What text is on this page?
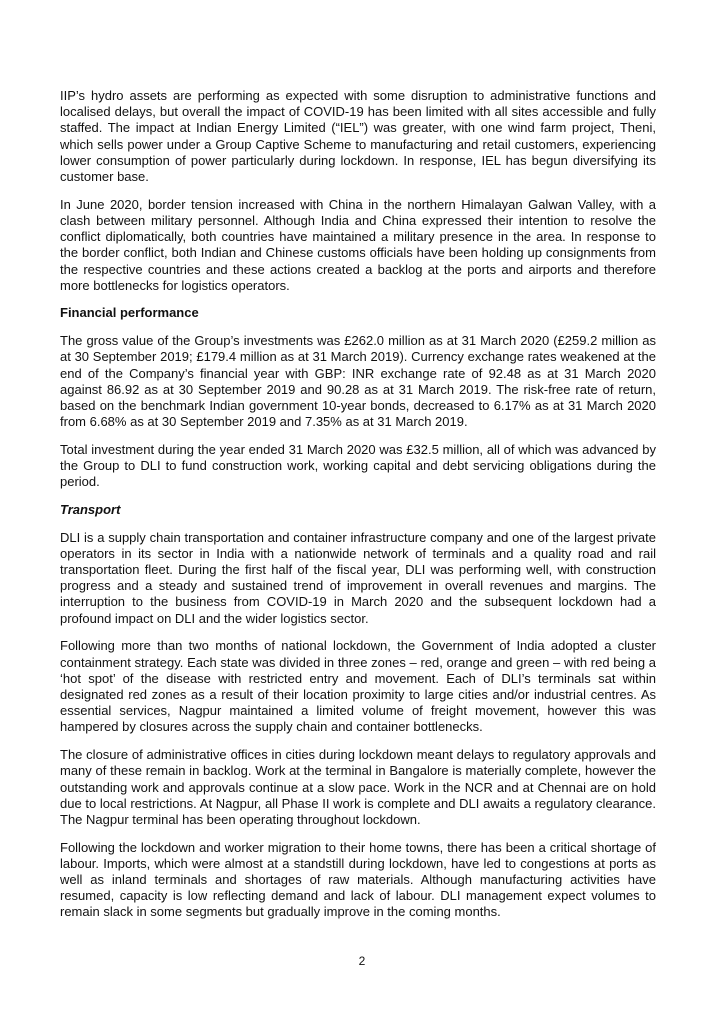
IIP’s hydro assets are performing as expected with some disruption to administrative functions and localised delays, but overall the impact of COVID-19 has been limited with all sites accessible and fully staffed. The impact at Indian Energy Limited (“IEL”) was greater, with one wind farm project, Theni, which sells power under a Group Captive Scheme to manufacturing and retail customers, experiencing lower consumption of power particularly during lockdown. In response, IEL has begun diversifying its customer base.

In June 2020, border tension increased with China in the northern Himalayan Galwan Valley, with a clash between military personnel. Although India and China expressed their intention to resolve the conflict diplomatically, both countries have maintained a military presence in the area. In response to the border conflict, both Indian and Chinese customs officials have been holding up consignments from the respective countries and these actions created a backlog at the ports and airports and therefore more bottlenecks for logistics operators.

Financial performance

The gross value of the Group’s investments was £262.0 million as at 31 March 2020 (£259.2 million as at 30 September 2019; £179.4 million as at 31 March 2019). Currency exchange rates weakened at the end of the Company’s financial year with GBP: INR exchange rate of 92.48 as at 31 March 2020 against 86.92 as at 30 September 2019 and 90.28 as at 31 March 2019. The risk-free rate of return, based on the benchmark Indian government 10-year bonds, decreased to 6.17% as at 31 March 2020 from 6.68% as at 30 September 2019 and 7.35% as at 31 March 2019.

Total investment during the year ended 31 March 2020 was £32.5 million, all of which was advanced by the Group to DLI to fund construction work, working capital and debt servicing obligations during the period.

Transport

DLI is a supply chain transportation and container infrastructure company and one of the largest private operators in its sector in India with a nationwide network of terminals and a quality road and rail transportation fleet. During the first half of the fiscal year, DLI was performing well, with construction progress and a steady and sustained trend of improvement in overall revenues and margins. The interruption to the business from COVID-19 in March 2020 and the subsequent lockdown had a profound impact on DLI and the wider logistics sector.

Following more than two months of national lockdown, the Government of India adopted a cluster containment strategy. Each state was divided in three zones – red, orange and green – with red being a ‘hot spot’ of the disease with restricted entry and movement. Each of DLI’s terminals sat within designated red zones as a result of their location proximity to large cities and/or industrial centres. As essential services, Nagpur maintained a limited volume of freight movement, however this was hampered by closures across the supply chain and container bottlenecks.

The closure of administrative offices in cities during lockdown meant delays to regulatory approvals and many of these remain in backlog. Work at the terminal in Bangalore is materially complete, however the outstanding work and approvals continue at a slow pace. Work in the NCR and at Chennai are on hold due to local restrictions. At Nagpur, all Phase II work is complete and DLI awaits a regulatory clearance. The Nagpur terminal has been operating throughout lockdown.

Following the lockdown and worker migration to their home towns, there has been a critical shortage of labour. Imports, which were almost at a standstill during lockdown, have led to congestions at ports as well as inland terminals and shortages of raw materials. Although manufacturing activities have resumed, capacity is low reflecting demand and lack of labour. DLI management expect volumes to remain slack in some segments but gradually improve in the coming months.

2
